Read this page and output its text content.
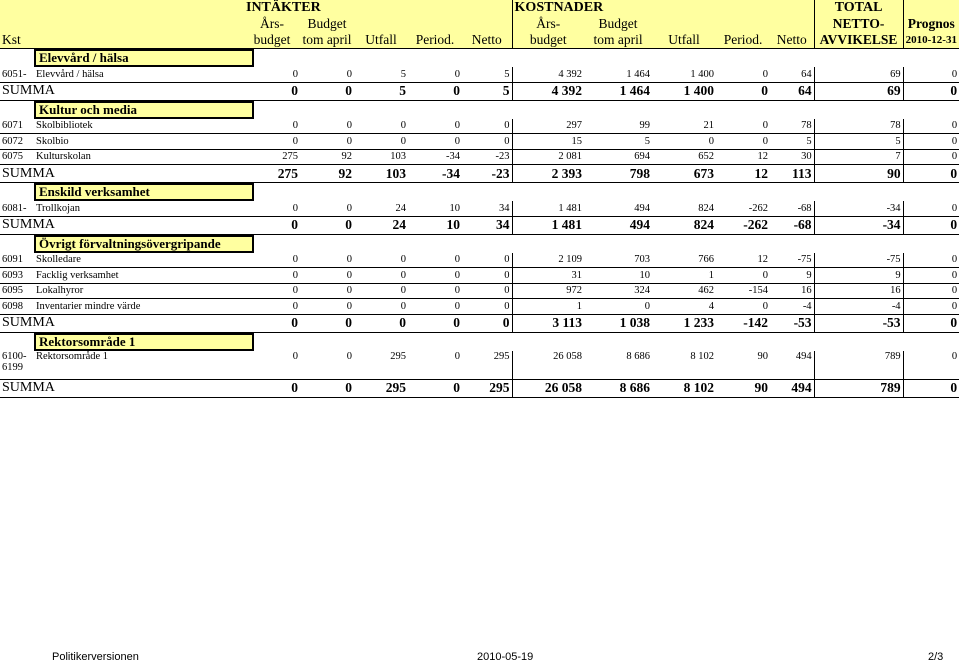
		INTÄKTER					KOSTNADER					TOTAL	
		Års-	Budget				Års-	Budget				NETTO-	Prognos
Kst		budget	tom april	Utfall	Period.	Netto	budget	tom april	Utfall	Period.	Netto	AVVIKELSE	2010-12-31
	Elevvård / hälsa												

6051-	Elevvård / hälsa	0	0	5	0	5	4 392	1 464	1 400	0	64	69	0
SUMMA		0	0	5	0	5	4 392	1 464	1 400	0	64	69	0
	Kultur och media												

6071	Skolbibliotek	0	0	0	0	0	297	99	21	0	78	78	0

6072	Skolbio	0	0	0	0	0	15	5	0	0	5	5	0

6075	Kulturskolan	275	92	103	-34	-23	2 081	694	652	12	30	7	0
SUMMA		275	92	103	-34	-23	2 393	798	673	12	113	90	0
	Enskild verksamhet												

6081-	Trollkojan	0	0	24	10	34	1 481	494	824	-262	-68	-34	0
SUMMA		0	0	24	10	34	1 481	494	824	-262	-68	-34	0
	Övrigt förvaltningsövergripande												

6091	Skolledare	0	0	0	0	0	2 109	703	766	12	-75	-75	0

6093	Facklig verksamhet	0	0	0	0	0	31	10	1	0	9	9	0

6095	Lokalhyror	0	0	0	0	0	972	324	462	-154	16	16	0

6098	Inventarier mindre värde	0	0	0	0	0	1	0	4	0	-4	-4	0
SUMMA		0	0	0	0	0	3 113	1 038	1 233	-142	-53	-53	0
	Rektorsområde 1												

6100-
6199	Rektorsområde 1	0	0	295	0	295	26 058	8 686	8 102	90	494	789	0
SUMMA		0	0	295	0	295	26 058	8 686	8 102	90	494	789	0
Politikerversionen	2010-05-19	2/3
